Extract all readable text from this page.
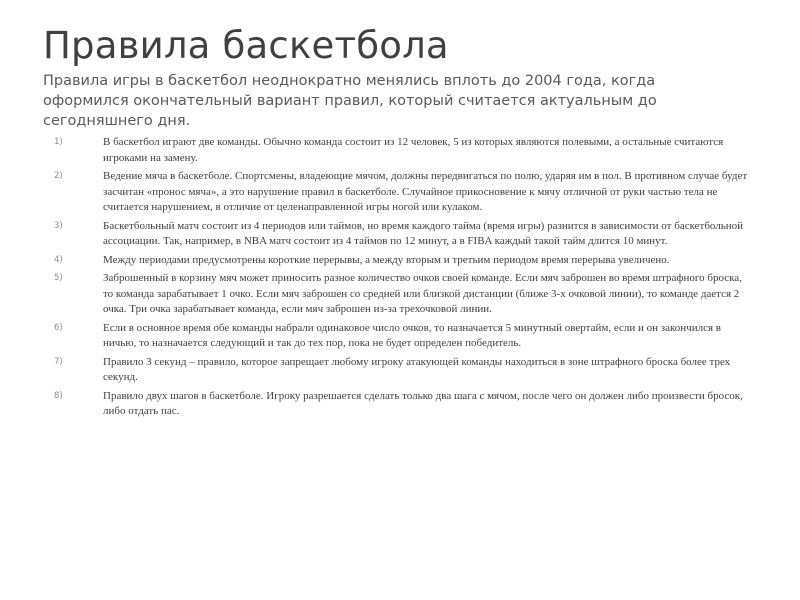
Правила баскетбола
Правила игры в баскетбол неоднократно менялись вплоть до 2004 года, когда оформился окончательный вариант правил, который считается актуальным до сегодняшнего дня.
1)	В баскетбол играют две команды. Обычно команда состоит из 12 человек, 5 из которых являются полевыми, а остальные считаются игроками на замену.
2)	Ведение мяча в баскетболе. Спортсмены, владеющие мячом, должны передвигаться по полю, ударяя им в пол. В противном случае будет засчитан «пронос мяча», а это нарушение правил в баскетболе. Случайное прикосновение к мячу отличной от руки частью тела не считается нарушением, в отличие от целенаправленной игры ногой или кулаком.
3)	Баскетбольный матч состоит из 4 периодов или таймов, но время каждого тайма (время игры) разнится в зависимости от баскетбольной ассоциации. Так, например, в NBA матч состоит из 4 таймов по 12 минут, а в FIBA каждый такой тайм длится 10 минут.
4)	Между периодами предусмотрены короткие перерывы, а между вторым и третьим периодом время перерыва увеличено.
5)	Заброшенный в корзину мяч может приносить разное количество очков своей команде. Если мяч заброшен во время штрафного броска, то команда зарабатывает 1 очко. Если мяч заброшен со средней или близкой дистанции (ближе 3-х очковой линии), то команде дается 2 очка. Три очка зарабатывает команда, если мяч заброшен из-за трехочковой линии.
6)	Если в основное время обе команды набрали одинаковое число очков, то назначается 5 минутный овертайм, если и он закончился в ничью, то назначается следующий и так до тех пор, пока не будет определен победитель.
7)	Правило 3 секунд – правило, которое запрещает любому игроку атакующей команды находиться в зоне штрафного броска более трех секунд.
8)	Правило двух шагов в баскетболе. Игроку разрешается сделать только два шага с мячом, после чего он должен либо произвести бросок, либо отдать пас.
